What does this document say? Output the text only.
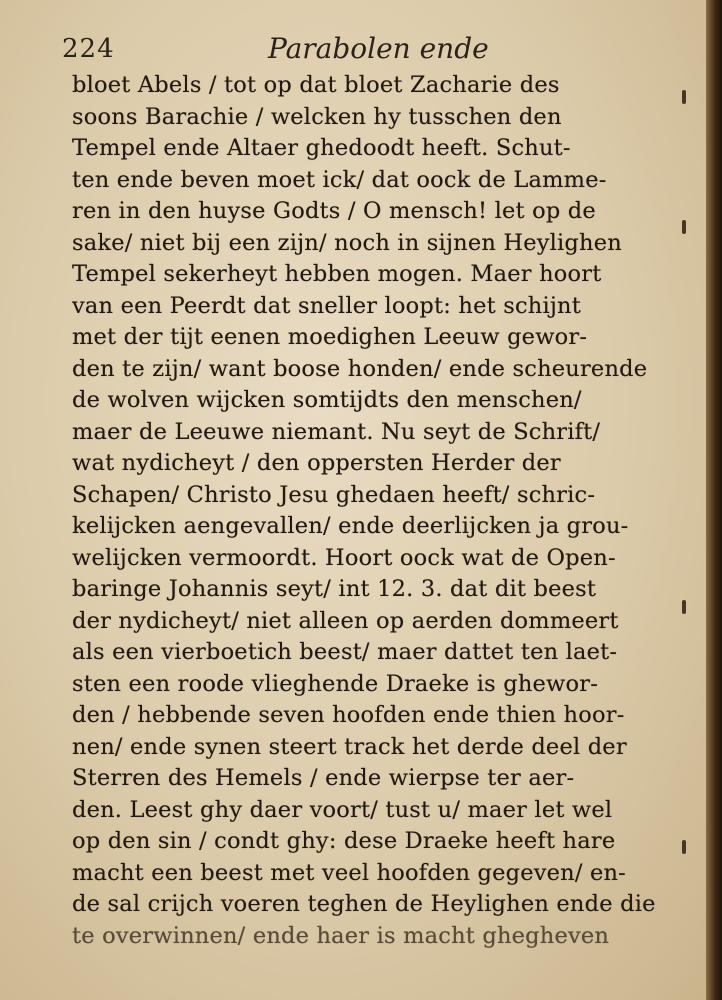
224	Parabolen ende
bloet Abels / tot op dat bloet Zacharie des
soons Barachie / welcken hy tusschen den
Tempel ende Altaer ghedoodt heeft. Schut-
ten ende beven moet ick/ dat oock de Lamme-
ren in den huyse Godts / O mensch! let op de
sake/ niet bij een zijn/ noch in sijnen Heylighen
Tempel sekerheyt hebben mogen. Maer hoort
van een Peerdt dat sneller loopt: het schijnt
met der tijt eenen moedighen Leeuw gewor-
den te zijn/ want boose honden/ ende scheurende
de wolven wijcken somtijdts den menschen/
maer de Leeuwe niemant. Nu seyt de Schrift/
wat nydicheyt / den oppersten Herder der
Schapen/ Christo Jesu ghedaen heeft/ schric-
kelijcken aengevallen/ ende deerlijcken ja grou-
welijcken vermoordt. Hoort oock wat de Open-
baringe Johannis seyt/ int 12. 3. dat dit beest
der nydicheyt/ niet alleen op aerden dommeert
als een vierboetich beest/ maer dattet ten laet-
sten een roode vlieghende Draeke is ghewor-
den / hebbende seven hoofden ende thien hoor-
nen/ ende synen steert track het derde deel der
Sterren des Hemels / ende wierpse ter aer-
den. Leest ghy daer voort/ tust u/ maer let wel
op den sin / condt ghy: dese Draeke heeft hare
macht een beest met veel hoofden gegeven/ en-
de sal crijch voeren teghen de Heylighen ende die
te overwinnen/ ende haer is macht ghegheven
